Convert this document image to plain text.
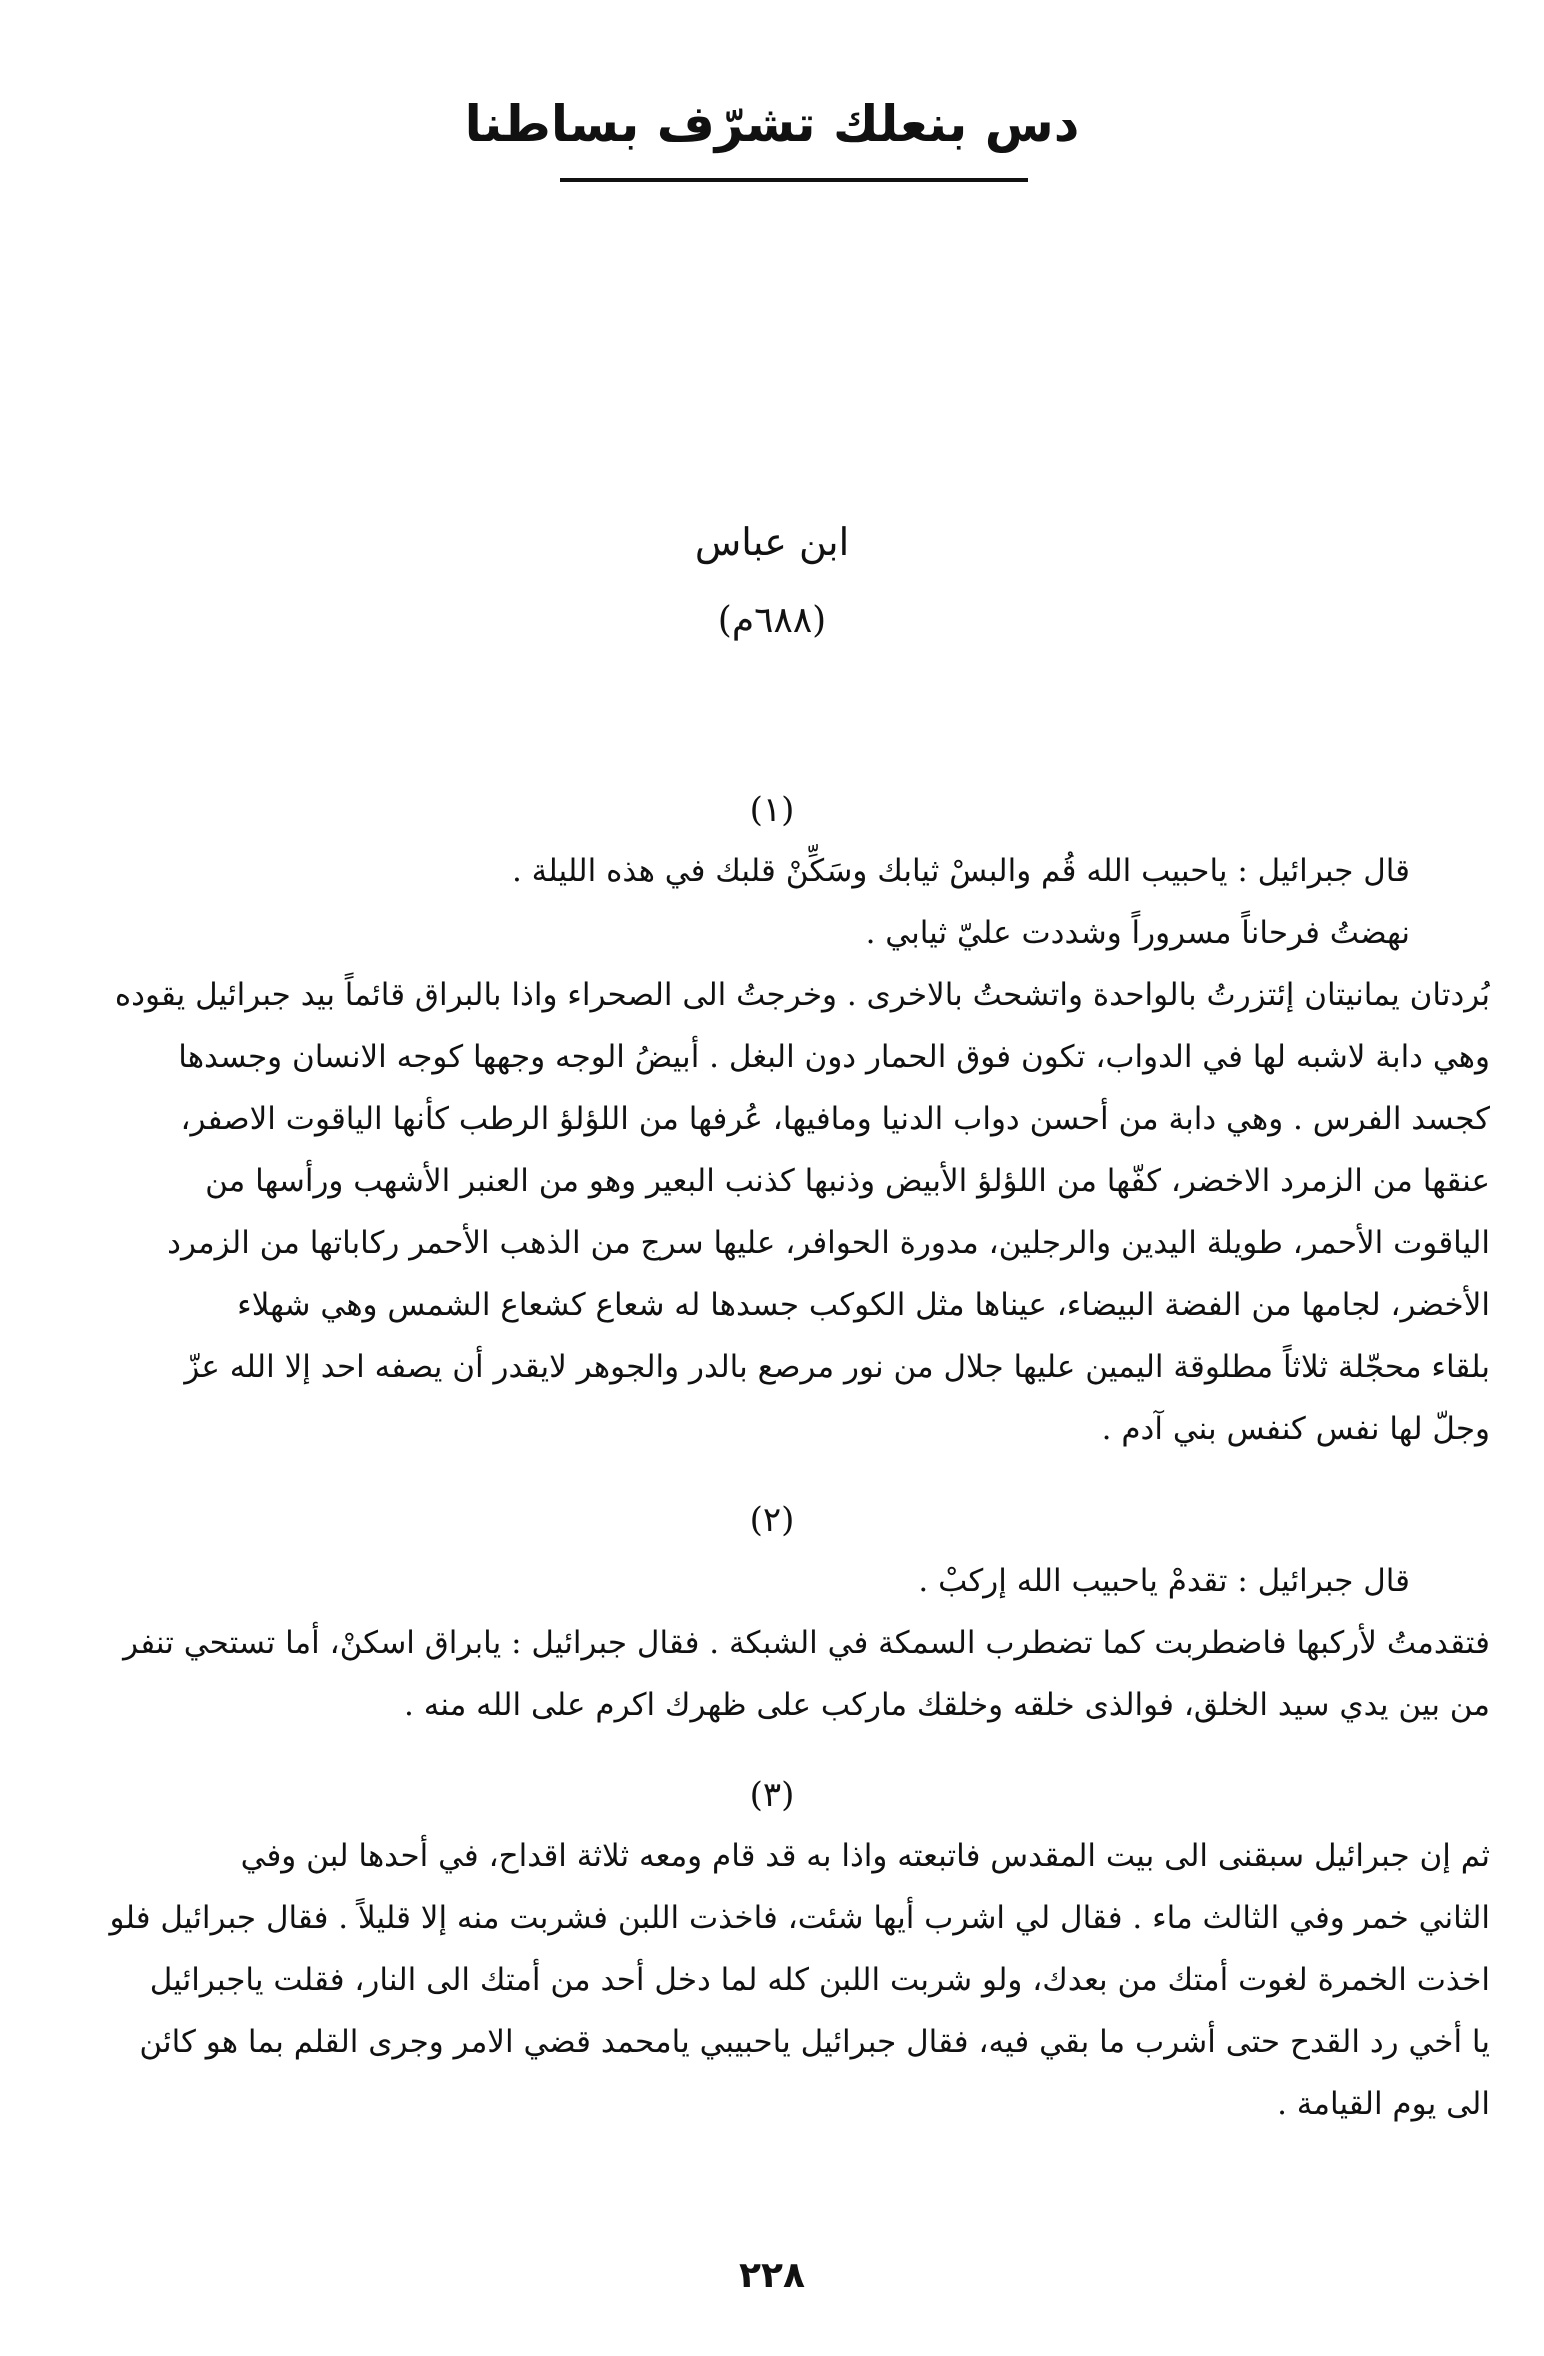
دس بنعلك تشرّف بساطنا
ابن عباس
(٦٨٨م)
(١)
قال جبرائيل : ياحبيب الله قُم والبسْ ثيابك وسَكِّنْ قلبك في هذه الليلة .
نهضتُ فرحاناً مسروراً وشددت عليّ ثيابي .
بُردتان يمانيتان إئتزرتُ بالواحدة واتشحتُ بالاخرى . وخرجتُ الى الصحراء واذا بالبراق قائماً بيد جبرائيل يقوده
وهي دابة لاشبه لها في الدواب، تكون فوق الحمار دون البغل . أبيضُ الوجه وجهها كوجه الانسان وجسدها
كجسد الفرس . وهي دابة من أحسن دواب الدنيا ومافيها، عُرفها من اللؤلؤ الرطب كأنها الياقوت الاصفر،
عنقها من الزمرد الاخضر، كفّها من اللؤلؤ الأبيض وذنبها كذنب البعير وهو من العنبر الأشهب ورأسها من
الياقوت الأحمر، طويلة اليدين والرجلين، مدورة الحوافر، عليها سرج من الذهب الأحمر ركاباتها من الزمرد
الأخضر، لجامها من الفضة البيضاء، عيناها مثل الكوكب جسدها له شعاع كشعاع الشمس وهي شهلاء
بلقاء محجّلة ثلاثاً مطلوقة اليمين عليها جلال من نور مرصع بالدر والجوهر لايقدر أن يصفه احد إلا الله عزّ
وجلّ لها نفس كنفس بني آدم .
(٢)
قال جبرائيل : تقدمْ ياحبيب الله إركبْ .
فتقدمتُ لأركبها فاضطربت كما تضطرب السمكة في الشبكة . فقال جبرائيل : يابراق اسكنْ، أما تستحي تنفر
من بين يدي سيد الخلق، فوالذى خلقه وخلقك ماركب على ظهرك اكرم على الله منه .
(٣)
ثم إن جبرائيل سبقنى الى بيت المقدس فاتبعته واذا به قد قام ومعه ثلاثة اقداح، في أحدها لبن وفي
الثاني خمر وفي الثالث ماء . فقال لي اشرب أيها شئت، فاخذت اللبن فشربت منه إلا قليلاً . فقال جبرائيل فلو
اخذت الخمرة لغوت أمتك من بعدك، ولو شربت اللبن كله لما دخل أحد من أمتك الى النار، فقلت ياجبرائيل
يا أخي رد القدح حتى أشرب ما بقي فيه، فقال جبرائيل ياحبيبي يامحمد قضي الامر وجرى القلم بما هو كائن
الى يوم القيامة .
٢٢٨
